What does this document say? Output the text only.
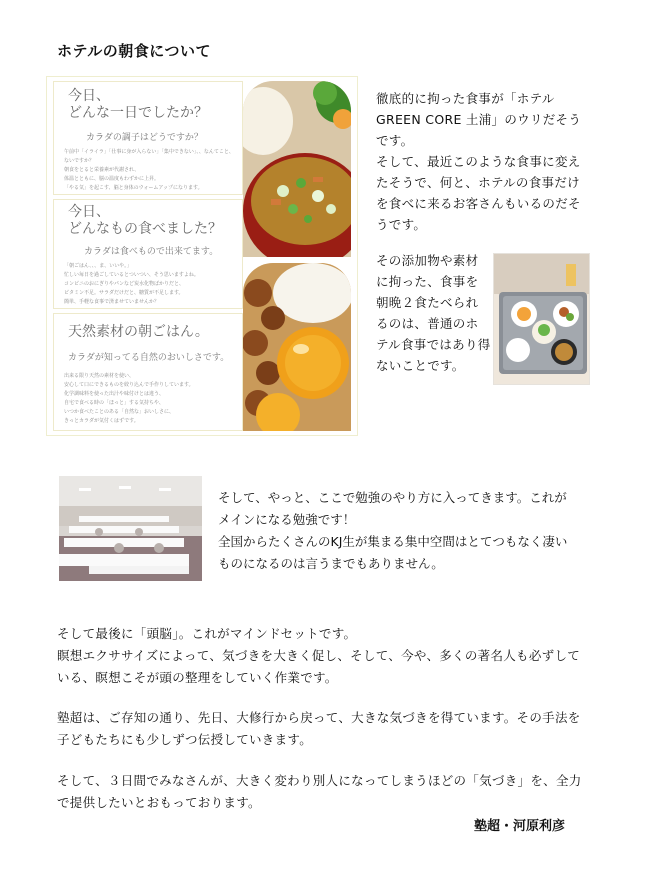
ホテルの朝食について
今日、
どんな一日でしたか？
カラダの調子はどうですか？
午前中「イライラ」「仕事に身が入らない」「集中できない」、、なんてこと、ないですか？
朝食をとると栄養素が代謝され、
体温とともに、脳の温度もわずかに上昇。
「やる気」を起こす、脳と身体のウォームアップになります。
今日、
どんなもの食べました？
カラダは食べもので出来てます。
「朝ごはん、、、ま、いいや。」
忙しい毎日を過ごしているとついつい、そう思いますよね。
コンビニのおにぎりやパンなど炭水化物ばかりだと、
ビタミン不足。サラダだけだと、糖質が不足します。
簡単、手軽な食事で済ませていませんか？
天然素材の朝ごはん。
カラダが知ってる自然のおいしさです。
出来る限り天然の素材を使い、
安心して口にできるものを絞り込んで手作りしています。
化学調味料を使った出汁や味付けとは違う、
自宅で食べる時の「ほっと」する気持ちや、
いつか食べたことのある「自然な」おいしさに、
きっとカラダが気付くはずです。
徹底的に拘った食事が「ホテル GREEN CORE 土浦」のウリだそうです。
そして、最近このような食事に変えたそうで、何と、ホテルの食事だけを食べに来るお客さんもいるのだそうです。
その添加物や素材に拘った、食事を朝晩２食たべられるのは、普通のホテル食事ではあり得ないことです。
そして、やっと、ここで勉強のやり方に入ってきます。これがメインになる勉強です！
全国からたくさんのKJ生が集まる集中空間はとてつもなく凄いものになるのは言うまでもありません。
そして最後に「頭脳」。これがマインドセットです。
瞑想エクササイズによって、気づきを大きく促し、そして、今や、多くの著名人も必ずしている、瞑想こそが頭の整理をしていく作業です。
塾超は、ご存知の通り、先日、大修行から戻って、大きな気づきを得ています。その手法を子どもたちにも少しずつ伝授していきます。
そして、３日間でみなさんが、大きく変わり別人になってしまうほどの「気づき」を、全力で提供したいとおもっております。
塾超・河原利彦
